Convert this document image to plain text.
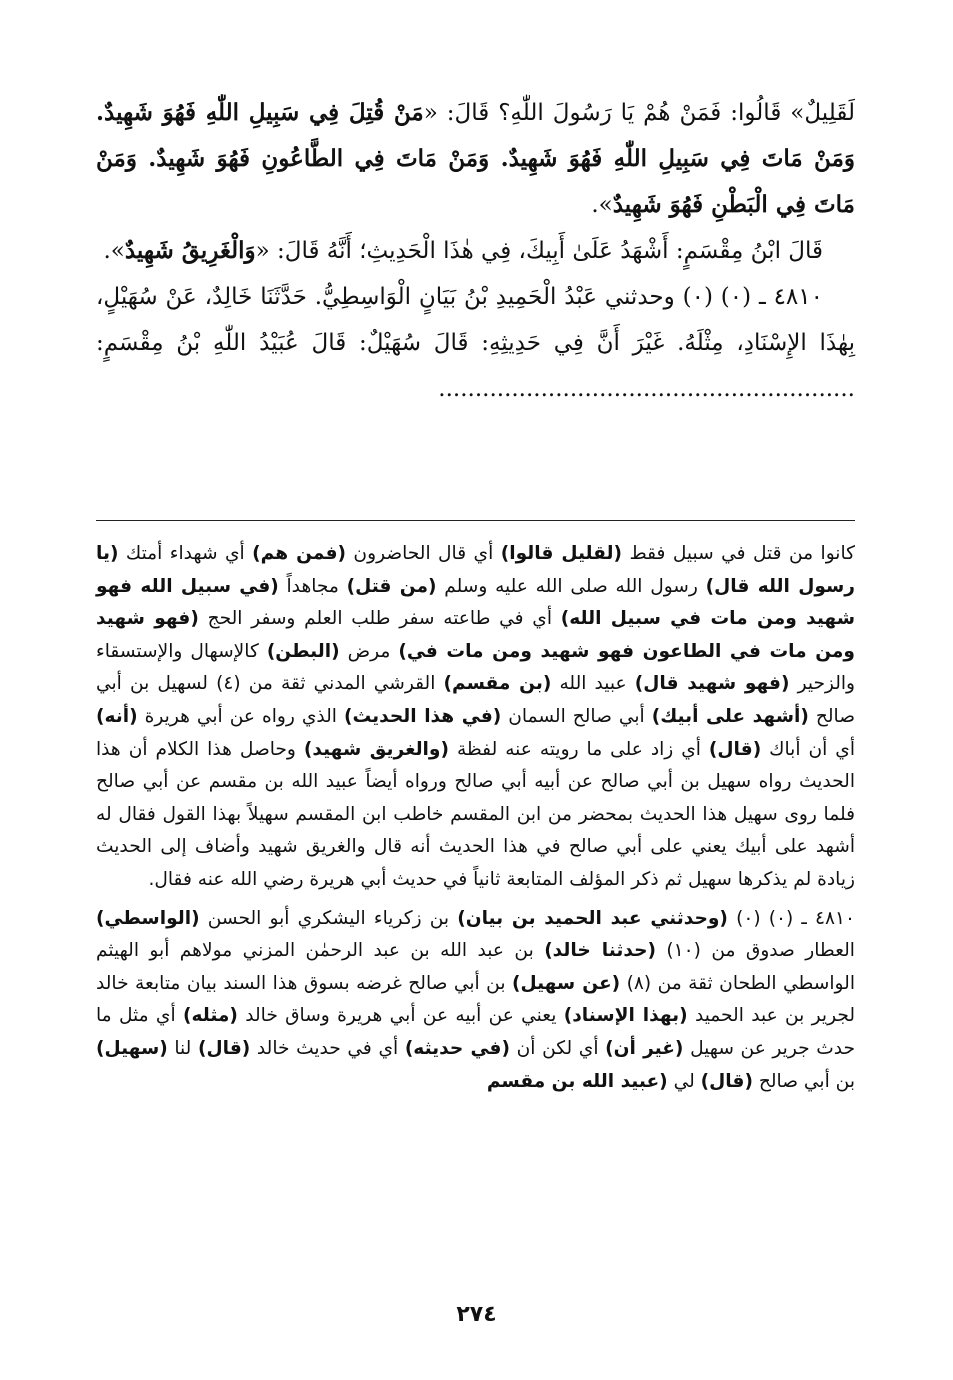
لَقَلِيلٌ» قَالُوا: فَمَنْ هُمْ يَا رَسُولَ اللّٰهِ؟ قَالَ: «مَنْ قُتِلَ فِي سَبِيلِ اللّٰهِ فَهُوَ شَهِيدٌ. وَمَنْ مَاتَ فِي سَبِيلِ اللّٰهِ فَهُوَ شَهِيدٌ. وَمَنْ مَاتَ فِي الطَّاعُونِ فَهُوَ شَهِيدٌ. وَمَنْ مَاتَ فِي الْبَطْنِ فَهُوَ شَهِيدٌ».

قَالَ ابْنُ مِقْسَمٍ: أَشْهَدُ عَلَىٰ أَبِيكَ، فِي هٰذَا الْحَدِيثِ؛ أَنَّهُ قَالَ: «وَالْغَرِيقُ شَهِيدٌ».

٤٨١٠ ـ (٠) (٠) وحدثني عَبْدُ الْحَمِيدِ بْنُ بَيَانٍ الْوَاسِطِيُّ. حَدَّثَنَا خَالِدٌ، عَنْ سُهَيْلٍ، بِهٰذَا الإِسْنَادِ، مِثْلَهُ. غَيْرَ أَنَّ فِي حَدِيثِهِ: قَالَ سُهَيْلٌ: قَالَ عُبَيْدُ اللّٰهِ بْنُ مِقْسَمٍ: .........................................................

كانوا من قتل في سبيل فقط (لقليل قالوا) أي قال الحاضرون (فمن هم) أي شهداء أمتك (يا رسول الله قال) رسول الله صلى الله عليه وسلم (من قتل) مجاهداً (في سبيل الله فهو شهيد ومن مات في سبيل الله) أي في طاعته سفر طلب العلم وسفر الحج (فهو شهيد ومن مات في الطاعون فهو شهيد ومن مات في) مرض (البطن) كالإسهال والإستسقاء والزحير (فهو شهيد قال) عبيد الله (بن مقسم) القرشي المدني ثقة من (٤) لسهيل بن أبي صالح (أشهد على أبيك) أبي صالح السمان (في هذا الحديث) الذي رواه عن أبي هريرة (أنه) أي أن أباك (قال) أي زاد على ما رويته عنه لفظة (والغريق شهيد) وحاصل هذا الكلام أن هذا الحديث رواه سهيل بن أبي صالح عن أبيه أبي صالح ورواه أيضاً عبيد الله بن مقسم عن أبي صالح فلما روى سهيل هذا الحديث بمحضر من ابن المقسم خاطب ابن المقسم سهيلاً بهذا القول فقال له أشهد على أبيك يعني على أبي صالح في هذا الحديث أنه قال والغريق شهيد وأضاف إلى الحديث زيادة لم يذكرها سهيل ثم ذكر المؤلف المتابعة ثانياً في حديث أبي هريرة رضي الله عنه فقال.

٤٨١٠ ـ (٠) (٠) (وحدثني عبد الحميد بن بيان) بن زكرياء اليشكري أبو الحسن (الواسطي) العطار صدوق من (١٠) (حدثنا خالد) بن عبد الله بن عبد الرحمٰن المزني مولاهم أبو الهيثم الواسطي الطحان ثقة من (٨) (عن سهيل) بن أبي صالح غرضه بسوق هذا السند بيان متابعة خالد لجرير بن عبد الحميد (بهذا الإسناد) يعني عن أبيه عن أبي هريرة وساق خالد (مثله) أي مثل ما حدث جرير عن سهيل (غير أن) أي لكن أن (في حديثه) أي في حديث خالد (قال) لنا (سهيل) بن أبي صالح (قال) لي (عبيد الله بن مقسم

٢٧٤
